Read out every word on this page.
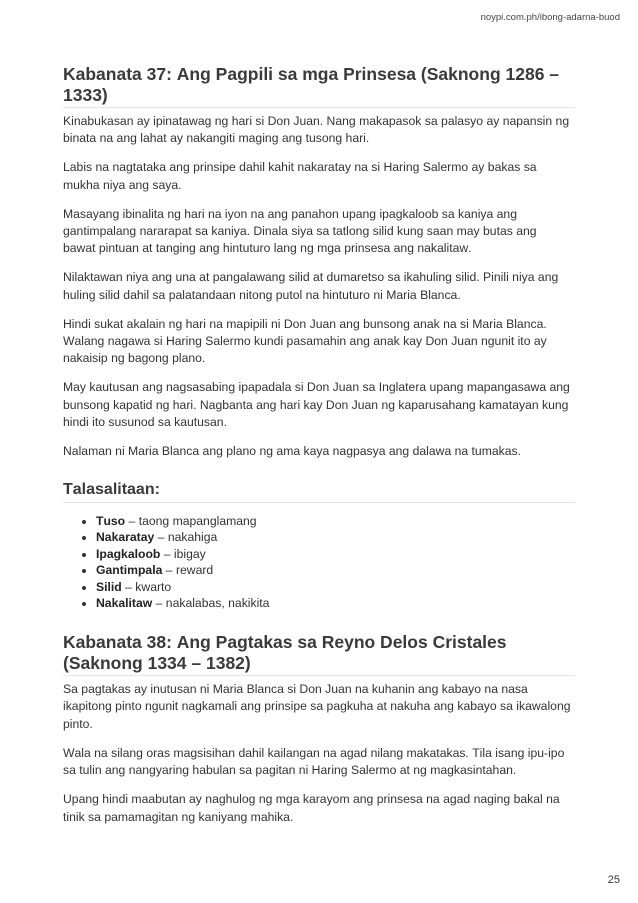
noypi.com.ph/ibong-adarna-buod
Kabanata 37: Ang Pagpili sa mga Prinsesa (Saknong 1286 – 1333)

Kinabukasan ay ipinatawag ng hari si Don Juan. Nang makapasok sa palasyo ay napansin ng binata na ang lahat ay nakangiti maging ang tusong hari.

Labis na nagtataka ang prinsipe dahil kahit nakaratay na si Haring Salermo ay bakas sa mukha niya ang saya.

Masayang ibinalita ng hari na iyon na ang panahon upang ipagkaloob sa kaniya ang gantimpalang nararapat sa kaniya. Dinala siya sa tatlong silid kung saan may butas ang bawat pintuan at tanging ang hintuturo lang ng mga prinsesa ang nakalitaw.

Nilaktawan niya ang una at pangalawang silid at dumaretso sa ikahuling silid. Pinili niya ang huling silid dahil sa palatandaan nitong putol na hintuturo ni Maria Blanca.

Hindi sukat akalain ng hari na mapipili ni Don Juan ang bunsong anak na si Maria Blanca. Walang nagawa si Haring Salermo kundi pasamahin ang anak kay Don Juan ngunit ito ay nakaisip ng bagong plano.

May kautusan ang nagsasabing ipapadala si Don Juan sa Inglatera upang mapangasawa ang bunsong kapatid ng hari. Nagbanta ang hari kay Don Juan ng kaparusahang kamatayan kung hindi ito susunod sa kautusan.

Nalaman ni Maria Blanca ang plano ng ama kaya nagpasya ang dalawa na tumakas.

Talasalitaan:
• Tuso – taong mapanglamang
• Nakaratay – nakahiga
• Ipagkaloob – ibigay
• Gantimpala – reward
• Silid – kwarto
• Nakalitaw – nakalabas, nakikita
Kabanata 38: Ang Pagtakas sa Reyno Delos Cristales (Saknong 1334 – 1382)

Sa pagtakas ay inutusan ni Maria Blanca si Don Juan na kuhanin ang kabayo na nasa ikapitong pinto ngunit nagkamali ang prinsipe sa pagkuha at nakuha ang kabayo sa ikawalong pinto.

Wala na silang oras magsisihan dahil kailangan na agad nilang makatakas. Tila isang ipu-ipo sa tulin ang nangyaring habulan sa pagitan ni Haring Salermo at ng magkasintahan.

Upang hindi maabutan ay naghulog ng mga karayom ang prinsesa na agad naging bakal na tinik sa pamamagitan ng kaniyang mahika.

25
